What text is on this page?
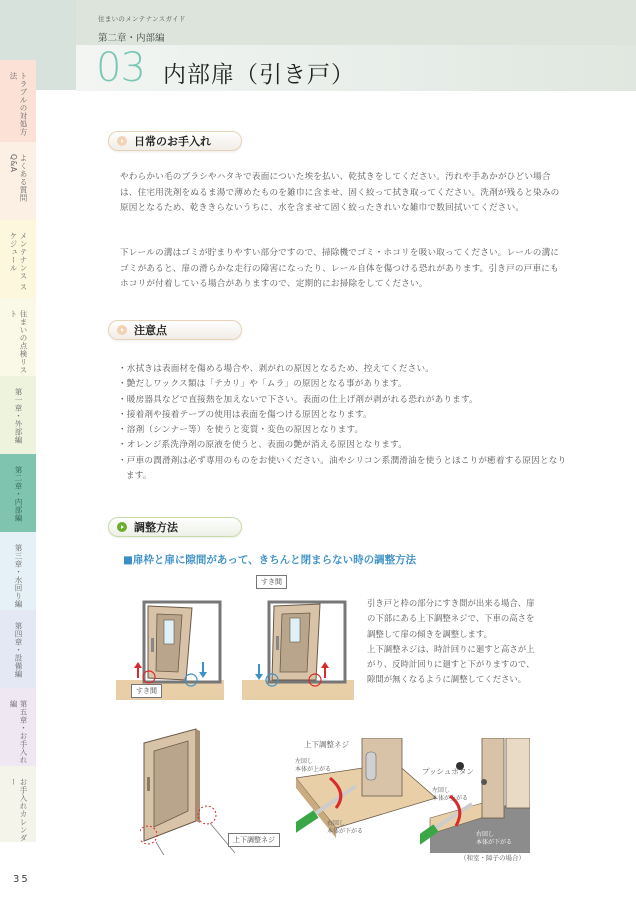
住まいのメンテナンスガイド
第二章・内部編
03 内部扉（引き戸）
トラブルの対処方法
よくある質問Q&A
メンテナンス スケジュール
住まいの点検リスト
第一章・外部編
第二章・内部編
第三章・水回り編
第四章・設備編
第五章・お手入れ編
お手入れカレンダー
35
日常のお手入れ

やわらかい毛のブラシやハタキで表面についた埃を払い、乾拭きをしてください。汚れや手あかがひどい場合は、住宅用洗剤をぬるま湯で薄めたものを雑巾に含ませ、固く絞って拭き取ってください。洗剤が残ると染みの原因となるため、乾ききらないうちに、水を含ませて固く絞ったきれいな雑巾で数回拭いてください。

下レールの溝はゴミが貯まりやすい部分ですので、掃除機でゴミ・ホコリを吸い取ってください。レールの溝にゴミがあると、扉の滑らかな走行の障害になったり、レール自体を傷つける恐れがあります。引き戸の戸車にもホコリが付着している場合がありますので、定期的にお掃除をしてください。

注意点
・ 水拭きは表面材を傷める場合や、剥がれの原因となるため、控えてください。
・ 艶だしワックス類は「テカリ」や「ムラ」の原因となる事があります。
・ 暖房器具などで直接熱を加えないで下さい。表面の仕上げ剤が剥がれる恐れがあります。
・ 接着剤や接着テープの使用は表面を傷つける原因となります。
・ 溶剤（シンナー等）を使うと変質・変色の原因となります。
・ オレンジ系洗浄剤の原液を使うと、表面の艶が消える原因となります。
・ 戸車の潤滑剤は必ず専用のものをお使いください。油やシリコン系潤滑油を使うとほこりが癒着する原因となります。
調整方法
■扉枠と扉に隙間があって、きちんと閉まらない時の調整方法
引き戸と枠の部分にすき間が出来る場合、扉
の下部にある上下調整ネジで、下車の高さを
調整して扉の傾きを調整します。
上下調整ネジは、時計回りに廻すと高さが上
がり、反時計回りに廻すと下がりますので、
隙間が無くなるように調整してください。
すき間
すき間
上下調整ネジ
上下調整ネジ
左回し
本体が上がる
右回し
本体が下がる
プッシュボタン
左回し
本体が上がる
右回し
本体が下がる
（和室・障子の場合）
